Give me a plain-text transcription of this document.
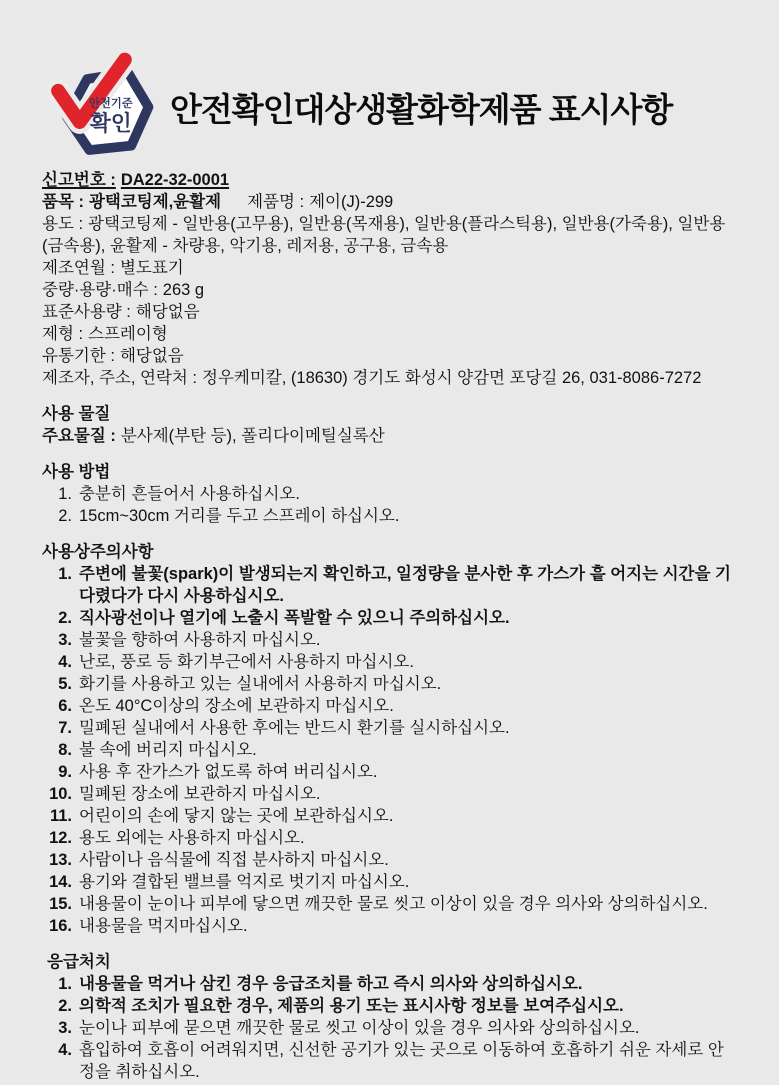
안전기준
확인 안전확인대상생활화학제품 표시사항
신고번호 : DA22-32-0001
품목 : 광택코팅제,윤활제 제품명 : 제이(J)-299
용도 : 광택코팅제 - 일반용(고무용), 일반용(목재용), 일반용(플라스틱용), 일반용(가죽용), 일반용(금속용), 윤활제 - 차량용, 악기용, 레저용, 공구용, 금속용
제조연월 : 별도표기
중량·용량·매수 : 263 g
표준사용량 : 해당없음
제형 : 스프레이형
유통기한 : 해당없음
제조자, 주소, 연락처 : 정우케미칼, (18630) 경기도 화성시 양감면 포당길 26, 031-8086-7272
사용 물질
주요물질 : 분사제(부탄 등), 폴리다이메틸실록산
사용 방법
1. 충분히 흔들어서 사용하십시오.
2. 15cm~30cm 거리를 두고 스프레이 하십시오.
사용상주의사항
1. 주변에 불꽃(spark)이 발생되는지 확인하고, 일정량을 분사한 후 가스가 흩 어지는 시간을 기다렸다가 다시 사용하십시오.
2. 직사광선이나 열기에 노출시 폭발할 수 있으니 주의하십시오.
3. 불꽃을 향하여 사용하지 마십시오.
4. 난로, 풍로 등 화기부근에서 사용하지 마십시오.
5. 화기를 사용하고 있는 실내에서 사용하지 마십시오.
6. 온도 40°C이상의 장소에 보관하지 마십시오.
7. 밀폐된 실내에서 사용한 후에는 반드시 환기를 실시하십시오.
8. 불 속에 버리지 마십시오.
9. 사용 후 잔가스가 없도록 하여 버리십시오.
10. 밀폐된 장소에 보관하지 마십시오.
11. 어린이의 손에 닿지 않는 곳에 보관하십시오.
12. 용도 외에는 사용하지 마십시오.
13. 사람이나 음식물에 직접 분사하지 마십시오.
14. 용기와 결합된 밸브를 억지로 벗기지 마십시오.
15. 내용물이 눈이나 피부에 닿으면 깨끗한 물로 씻고 이상이 있을 경우 의사와 상의하십시오.
16. 내용물을 먹지마십시오.
응급처치
1. 내용물을 먹거나 삼킨 경우 응급조치를 하고 즉시 의사와 상의하십시오.
2. 의학적 조치가 필요한 경우, 제품의 용기 또는 표시사항 정보를 보여주십시오.
3. 눈이나 피부에 묻으면 깨끗한 물로 씻고 이상이 있을 경우 의사와 상의하십시오.
4. 흡입하여 호흡이 어려워지면, 신선한 공기가 있는 곳으로 이동하여 호흡하기 쉬운 자세로 안정을 취하십시오.
